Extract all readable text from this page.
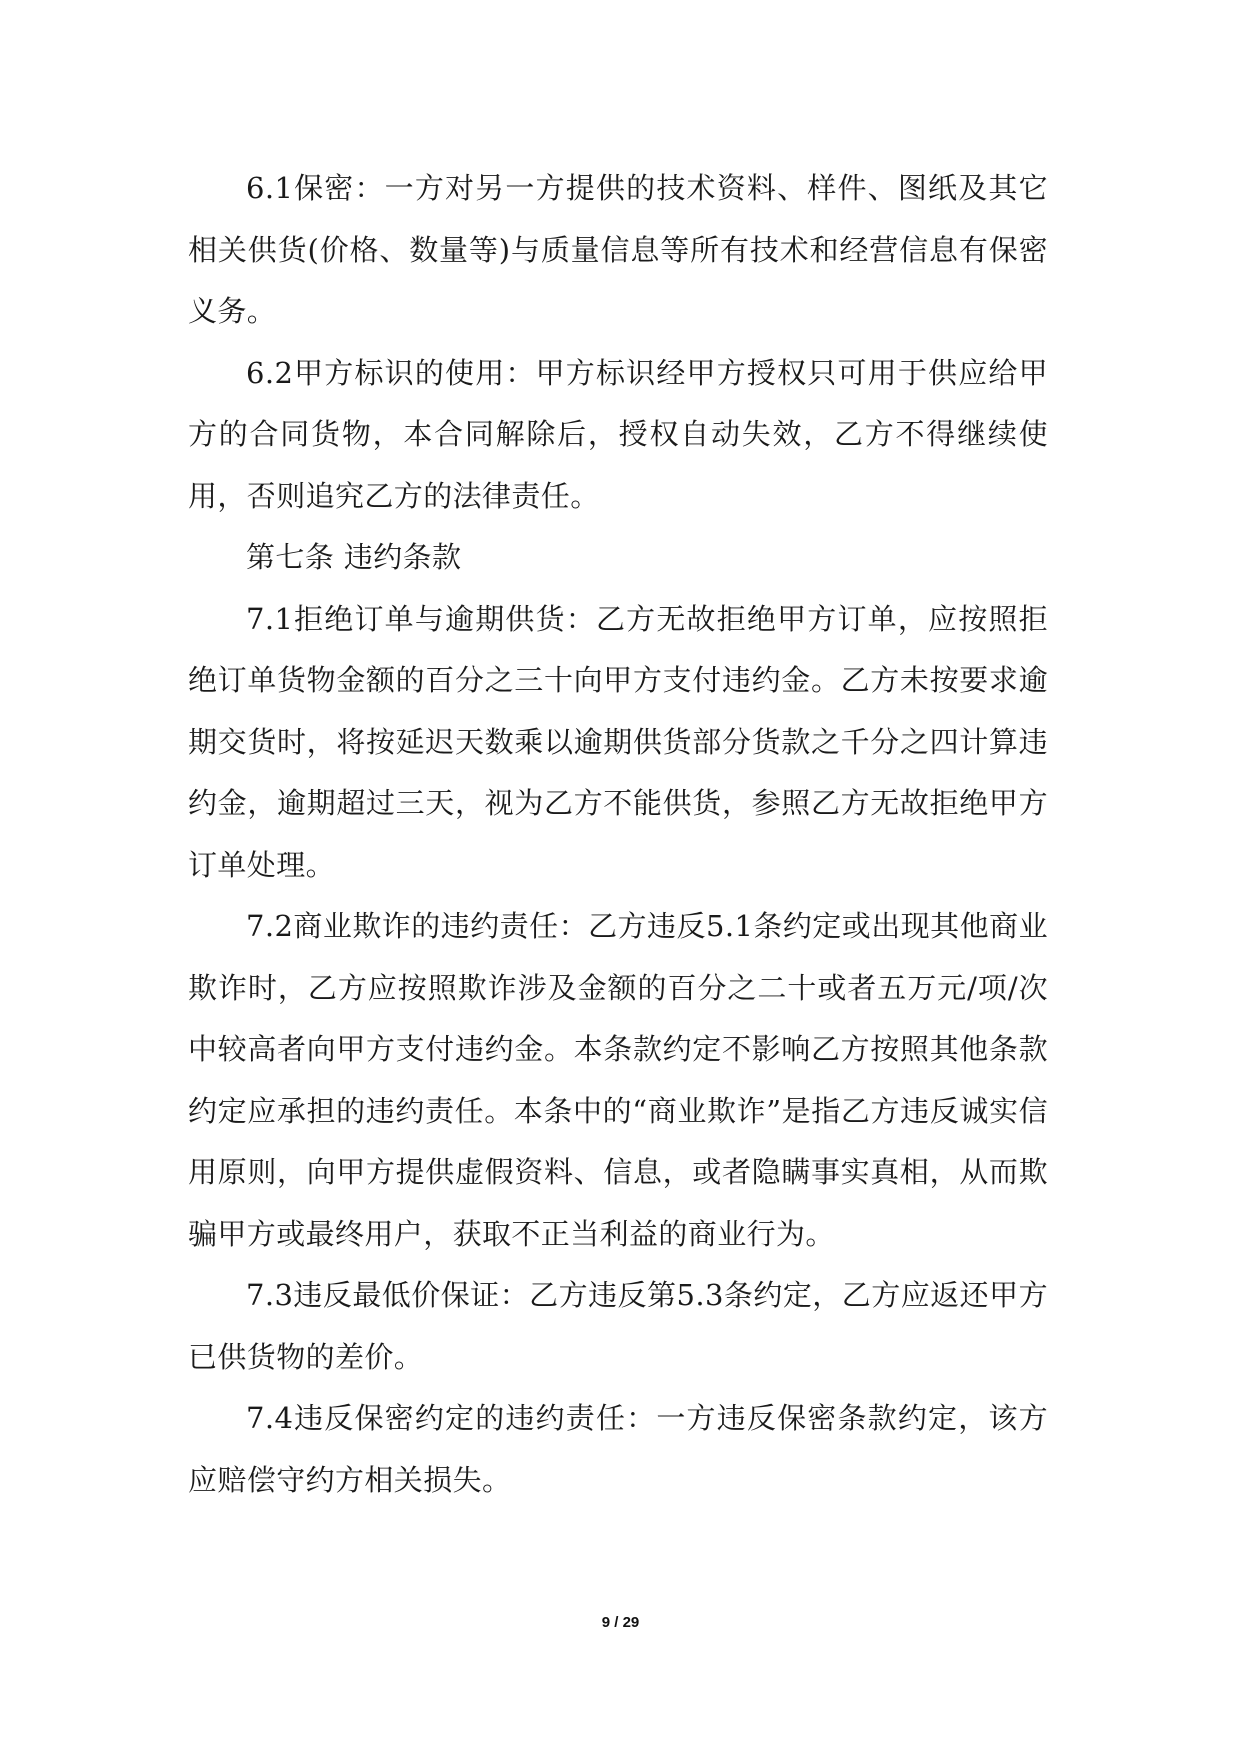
6.1保密：一方对另一方提供的技术资料、样件、图纸及其它相关供货(价格、数量等)与质量信息等所有技术和经营信息有保密义务。

6.2甲方标识的使用：甲方标识经甲方授权只可用于供应给甲方的合同货物，本合同解除后，授权自动失效，乙方不得继续使用，否则追究乙方的法律责任。

第七条 违约条款

7.1拒绝订单与逾期供货：乙方无故拒绝甲方订单，应按照拒绝订单货物金额的百分之三十向甲方支付违约金。乙方未按要求逾期交货时，将按延迟天数乘以逾期供货部分货款之千分之四计算违约金，逾期超过三天，视为乙方不能供货，参照乙方无故拒绝甲方订单处理。

7.2商业欺诈的违约责任：乙方违反5.1条约定或出现其他商业欺诈时，乙方应按照欺诈涉及金额的百分之二十或者五万元/项/次中较高者向甲方支付违约金。本条款约定不影响乙方按照其他条款约定应承担的违约责任。本条中的“商业欺诈”是指乙方违反诚实信用原则，向甲方提供虚假资料、信息，或者隐瞒事实真相，从而欺骗甲方或最终用户，获取不正当利益的商业行为。

7.3违反最低价保证：乙方违反第5.3条约定，乙方应返还甲方已供货物的差价。

7.4违反保密约定的违约责任：一方违反保密条款约定，该方应赔偿守约方相关损失。

9 / 29
